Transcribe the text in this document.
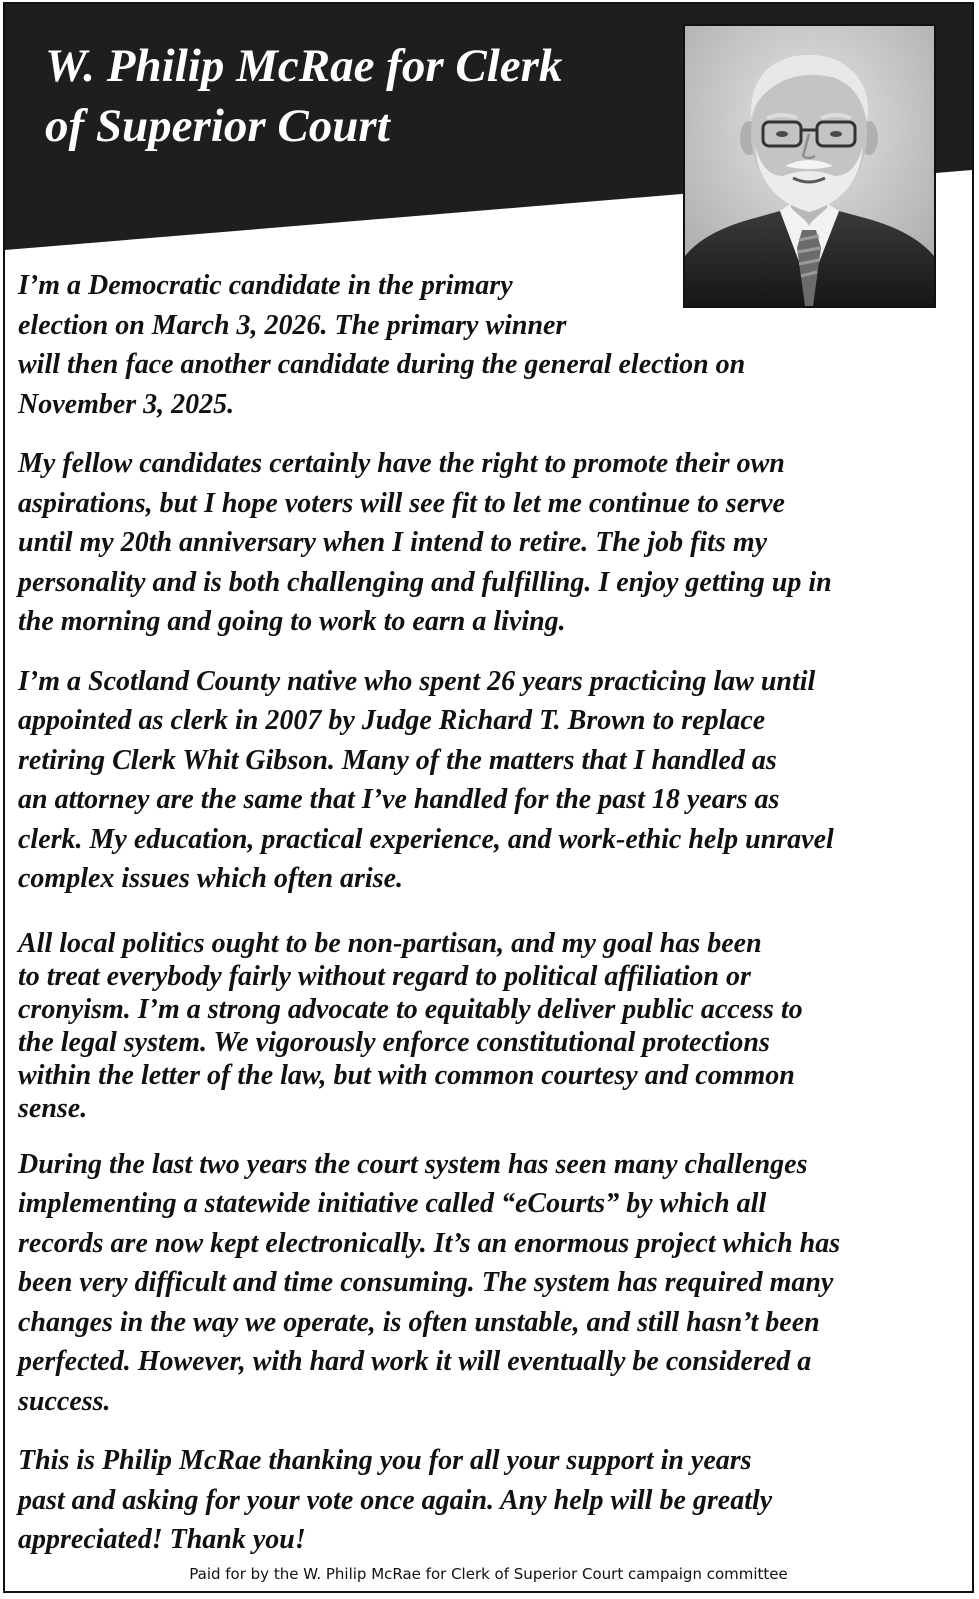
W. Philip McRae for Clerk
of Superior Court

I’m a Democratic candidate in the primary
election on March 3, 2026. The primary winner
will then face another candidate during the general election on
November 3, 2025.

My fellow candidates certainly have the right to promote their own
aspirations, but I hope voters will see fit to let me continue to serve
until my 20th anniversary when I intend to retire. The job fits my
personality and is both challenging and fulfilling. I enjoy getting up in
the morning and going to work to earn a living.

I’m a Scotland County native who spent 26 years practicing law until
appointed as clerk in 2007 by Judge Richard T. Brown to replace
retiring Clerk Whit Gibson. Many of the matters that I handled as
an attorney are the same that I’ve handled for the past 18 years as
clerk. My education, practical experience, and work-ethic help unravel
complex issues which often arise.

All local politics ought to be non-partisan, and my goal has been
to treat everybody fairly without regard to political affiliation or
cronyism. I’m a strong advocate to equitably deliver public access to
the legal system. We vigorously enforce constitutional protections
within the letter of the law, but with common courtesy and common
sense.

During the last two years the court system has seen many challenges
implementing a statewide initiative called “eCourts” by which all
records are now kept electronically. It’s an enormous project which has
been very difficult and time consuming. The system has required many
changes in the way we operate, is often unstable, and still hasn’t been
perfected. However, with hard work it will eventually be considered a
success.

This is Philip McRae thanking you for all your support in years
past and asking for your vote once again. Any help will be greatly
appreciated! Thank you!

Paid for by the W. Philip McRae for Clerk of Superior Court campaign committee
